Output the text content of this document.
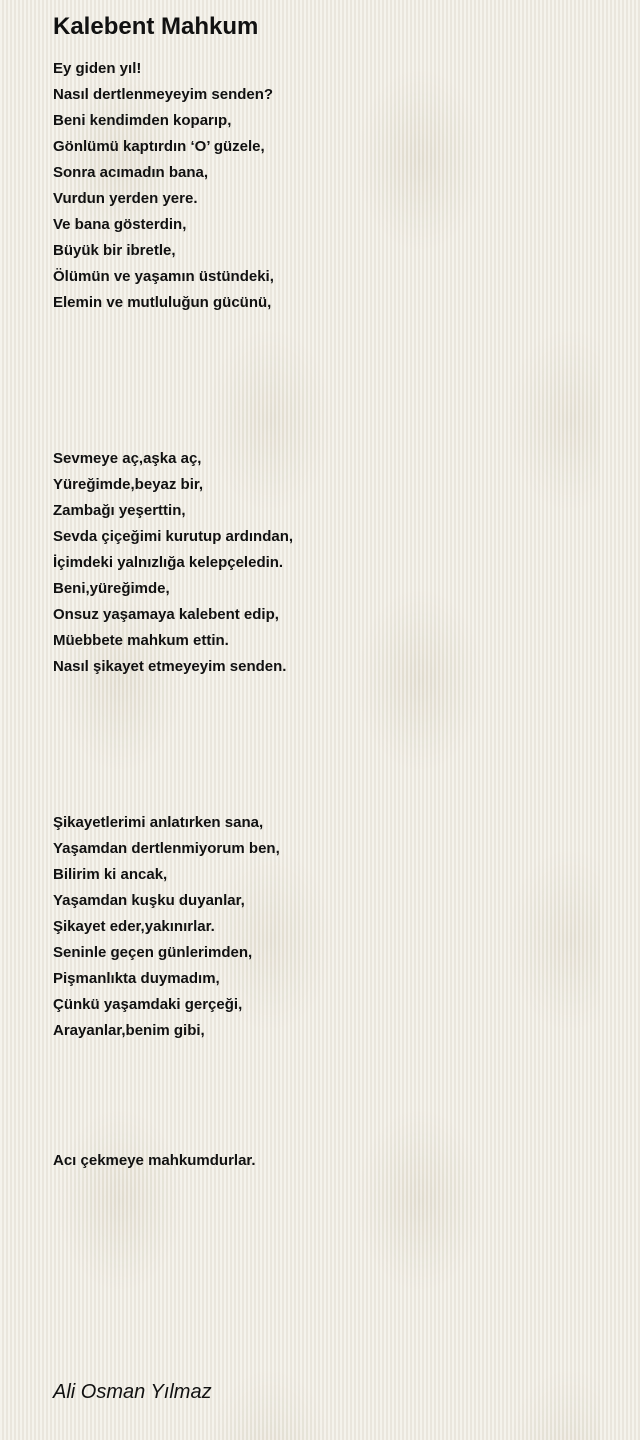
Kalebent Mahkum
Ey giden yıl!
Nasıl dertlenmeyeyim senden?
Beni kendimden koparıp,
Gönlümü kaptırdın ‘O’ güzele,
Sonra acımadın bana,
Vurdun yerden yere.
Ve bana gösterdin,
Büyük bir ibretle,
Ölümün ve yaşamın üstündeki,
Elemin ve mutluluğun gücünü,
Sevmeye aç,aşka aç,
Yüreğimde,beyaz bir,
Zambağı yeşerttin,
Sevda çiçeğimi kurutup ardından,
İçimdeki yalnızlığa kelepçeledin.
Beni,yüreğimde,
Onsuz yaşamaya kalebent edip,
Müebbete mahkum ettin.
Nasıl şikayet etmeyeyim senden.
Şikayetlerimi anlatırken sana,
Yaşamdan dertlenmiyorum ben,
Bilirim ki ancak,
Yaşamdan kuşku duyanlar,
Şikayet eder,yakınırlar.
Seninle geçen günlerimden,
Pişmanlıkta duymadım,
Çünkü yaşamdaki gerçeği,
Arayanlar,benim gibi,
Acı çekmeye mahkumdurlar.
Ali Osman Yılmaz
